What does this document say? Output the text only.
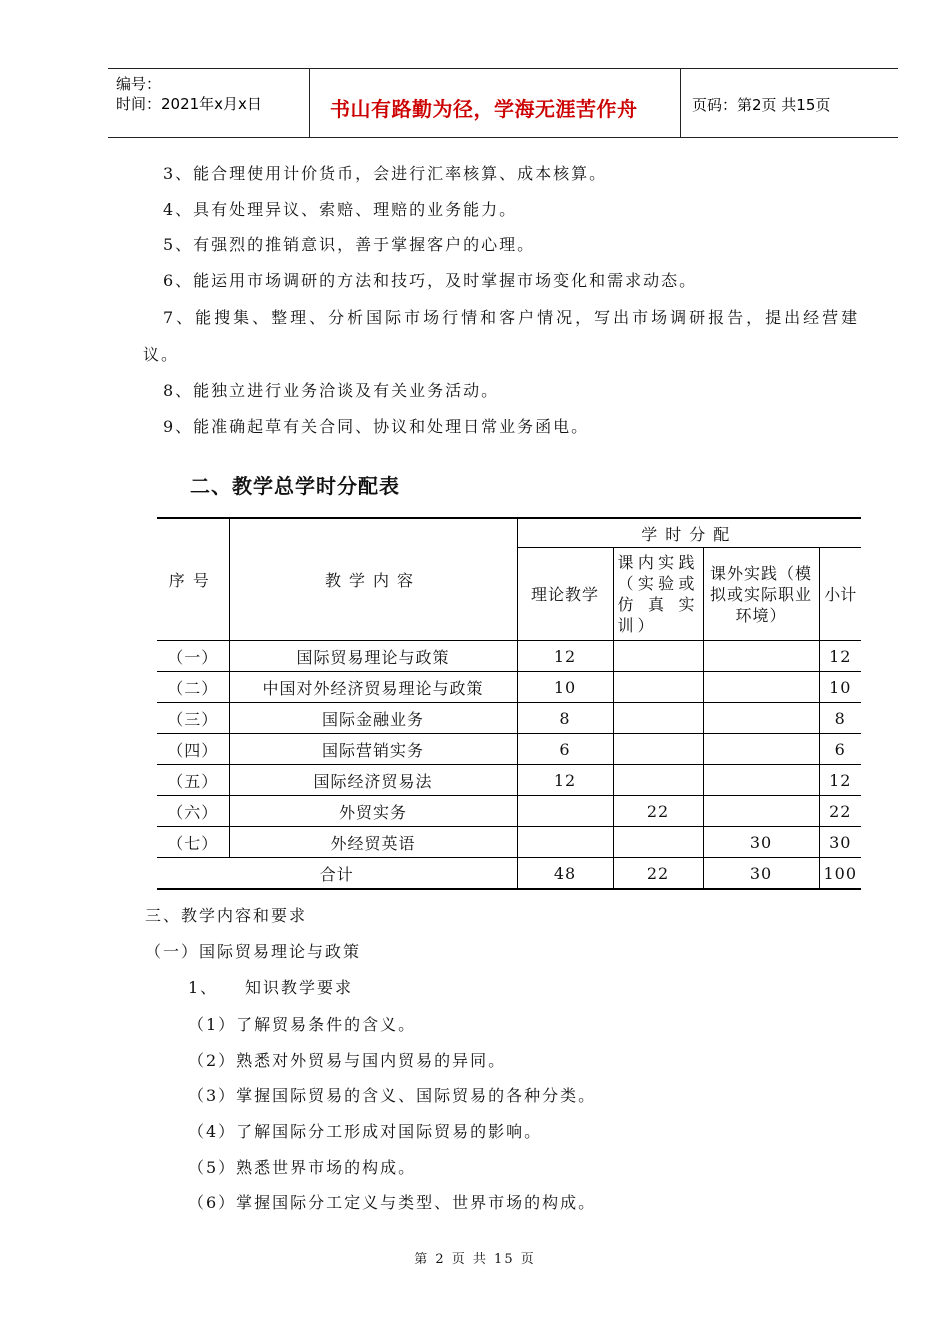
编号：
时间：2021年x月x日	书山有路勤为径，学海无涯苦作舟	页码：第2页 共15页
3、能合理使用计价货币，会进行汇率核算、成本核算。
4、具有处理异议、索赔、理赔的业务能力。
5、有强烈的推销意识，善于掌握客户的心理。
6、能运用市场调研的方法和技巧，及时掌握市场变化和需求动态。
7、能搜集、整理、分析国际市场行情和客户情况，写出市场调研报告，提出经营建
议。
8、能独立进行业务洽谈及有关业务活动。
9、能准确起草有关合同、协议和处理日常业务函电。
二、教学总学时分配表
序号	教学内容	学时分配			
		理论教学	课内实践（实验或仿真实训）	课外实践（模拟或实际职业环境）	小计
（一）	国际贸易理论与政策	12			12
（二）	中国对外经济贸易理论与政策	10			10
（三）	国际金融业务	8			8
（四）	国际营销实务	6			6
（五）	国际经济贸易法	12			12
（六）	外贸实务		22		22
（七）	外经贸英语			30	30
合计		48	22	30	100
三、教学内容和要求
（一）国际贸易理论与政策
1、 知识教学要求
（1）了解贸易条件的含义。
（2）熟悉对外贸易与国内贸易的异同。
（3）掌握国际贸易的含义、国际贸易的各种分类。
（4）了解国际分工形成对国际贸易的影响。
（5）熟悉世界市场的构成。
（6）掌握国际分工定义与类型、世界市场的构成。
第 2 页 共 15 页
